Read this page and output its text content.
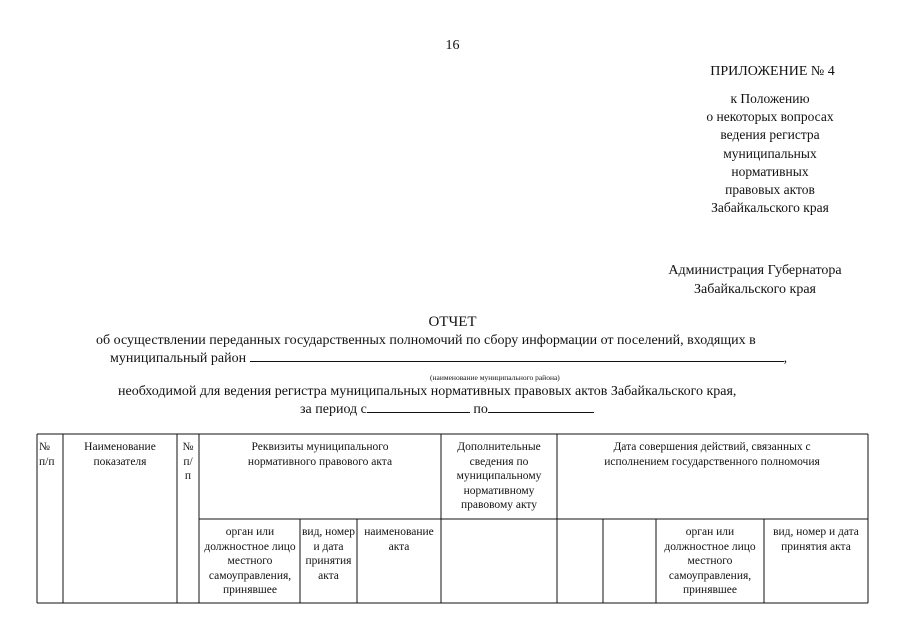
16
ПРИЛОЖЕНИЕ № 4
к Положению
о некоторых вопросах
ведения регистра
муниципальных
нормативных
правовых актов
Забайкальского края
Администрация Губернатора
Забайкальского края
ОТЧЕТ
об осуществлении переданных государственных полномочий по сбору информации от поселений, входящих в
муниципальный район	,
(наименование муниципального района)
необходимой для ведения регистра муниципальных нормативных правовых актов Забайкальского края,
за период с	по
№ п/п
Наименование показателя
№ п/ п
Реквизиты муниципального нормативного правового акта
Дополнительные сведения по муниципальному нормативному правовому акту
Дата совершения действий, связанных с исполнением государственного полномочия
орган или должностное лицо местного самоуправления, принявшее
вид, номер и дата принятия акта
наименование акта
орган или должностное лицо местного самоуправления, принявшее
вид, номер и дата принятия акта
